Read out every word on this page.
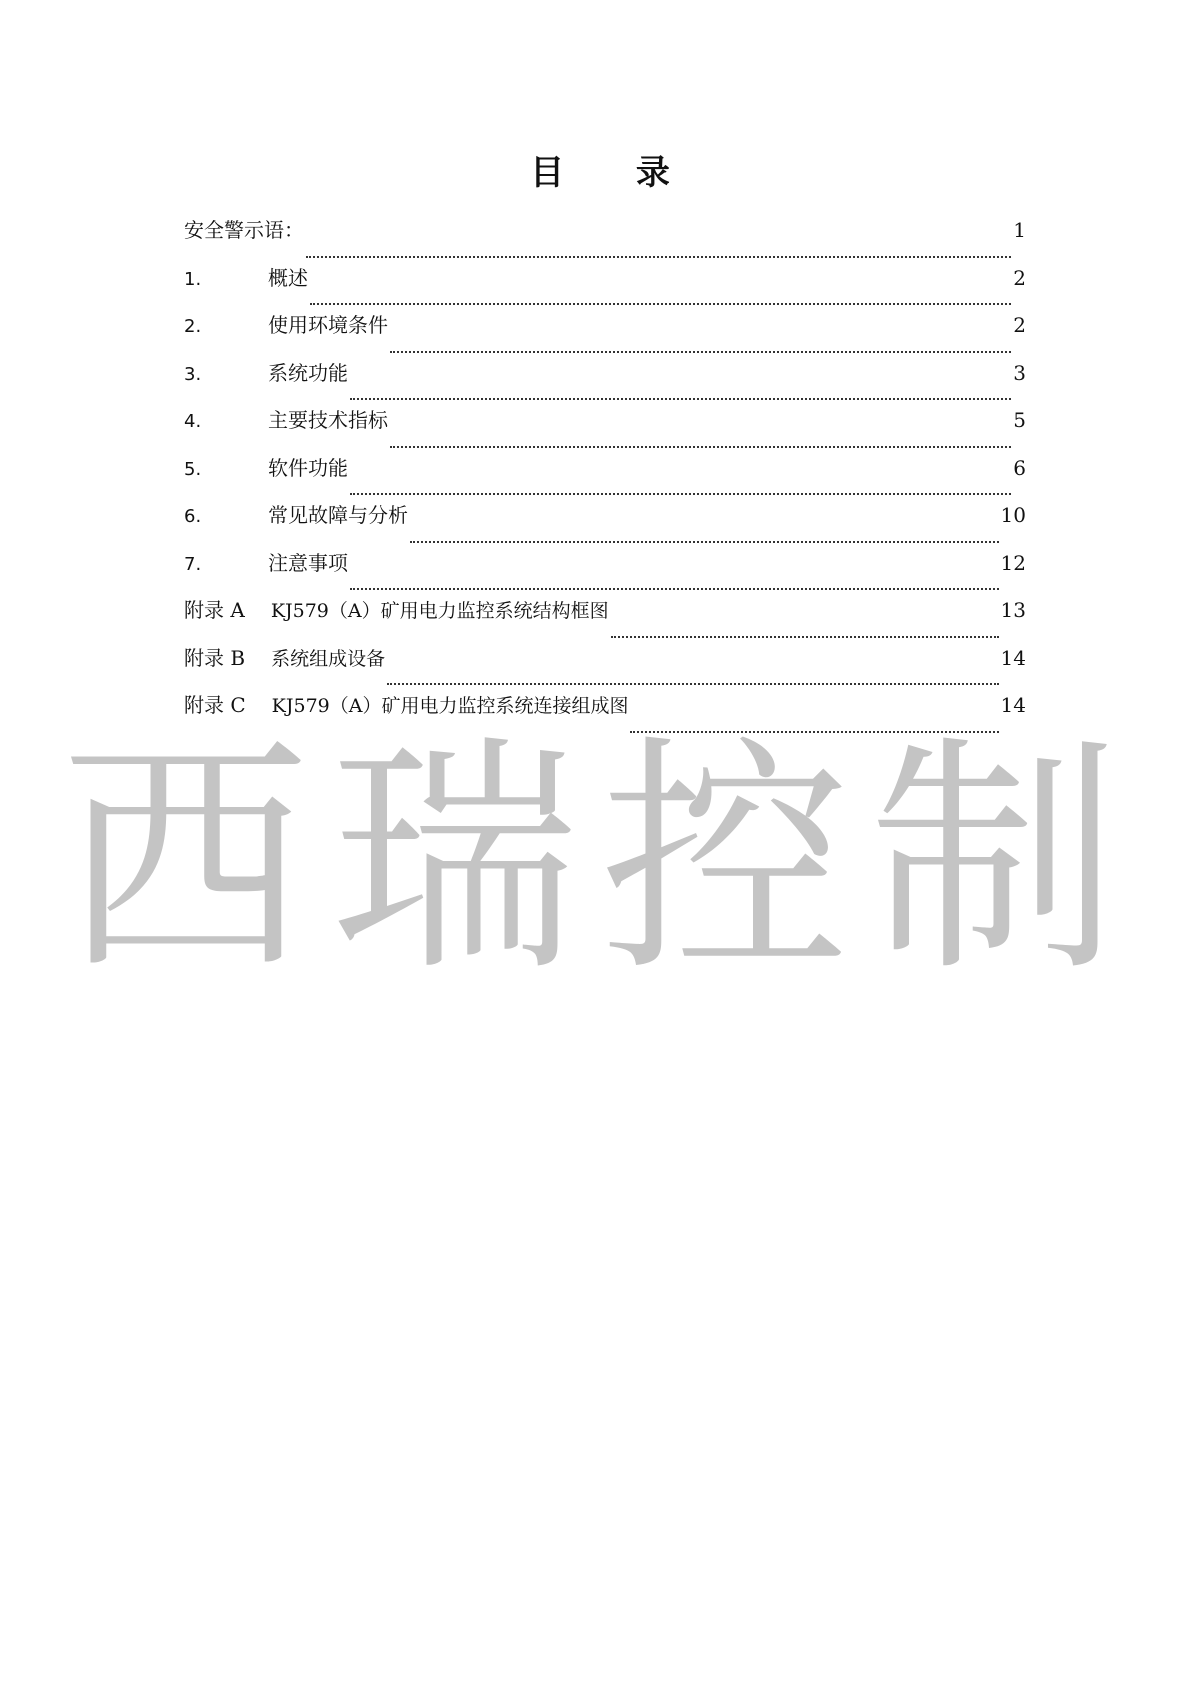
目 录
安全警示语：	1
1.	概述	2
2.	使用环境条件	2
3.	系统功能	3
4.	主要技术指标	5
5.	软件功能	6
6.	常见故障与分析	10
7.	注意事项	12
附录 A KJ579（A）矿用电力监控系统结构框图	13
附录 B 系统组成设备	14
附录 C KJ579（A）矿用电力监控系统连接组成图	14
西瑞控制
